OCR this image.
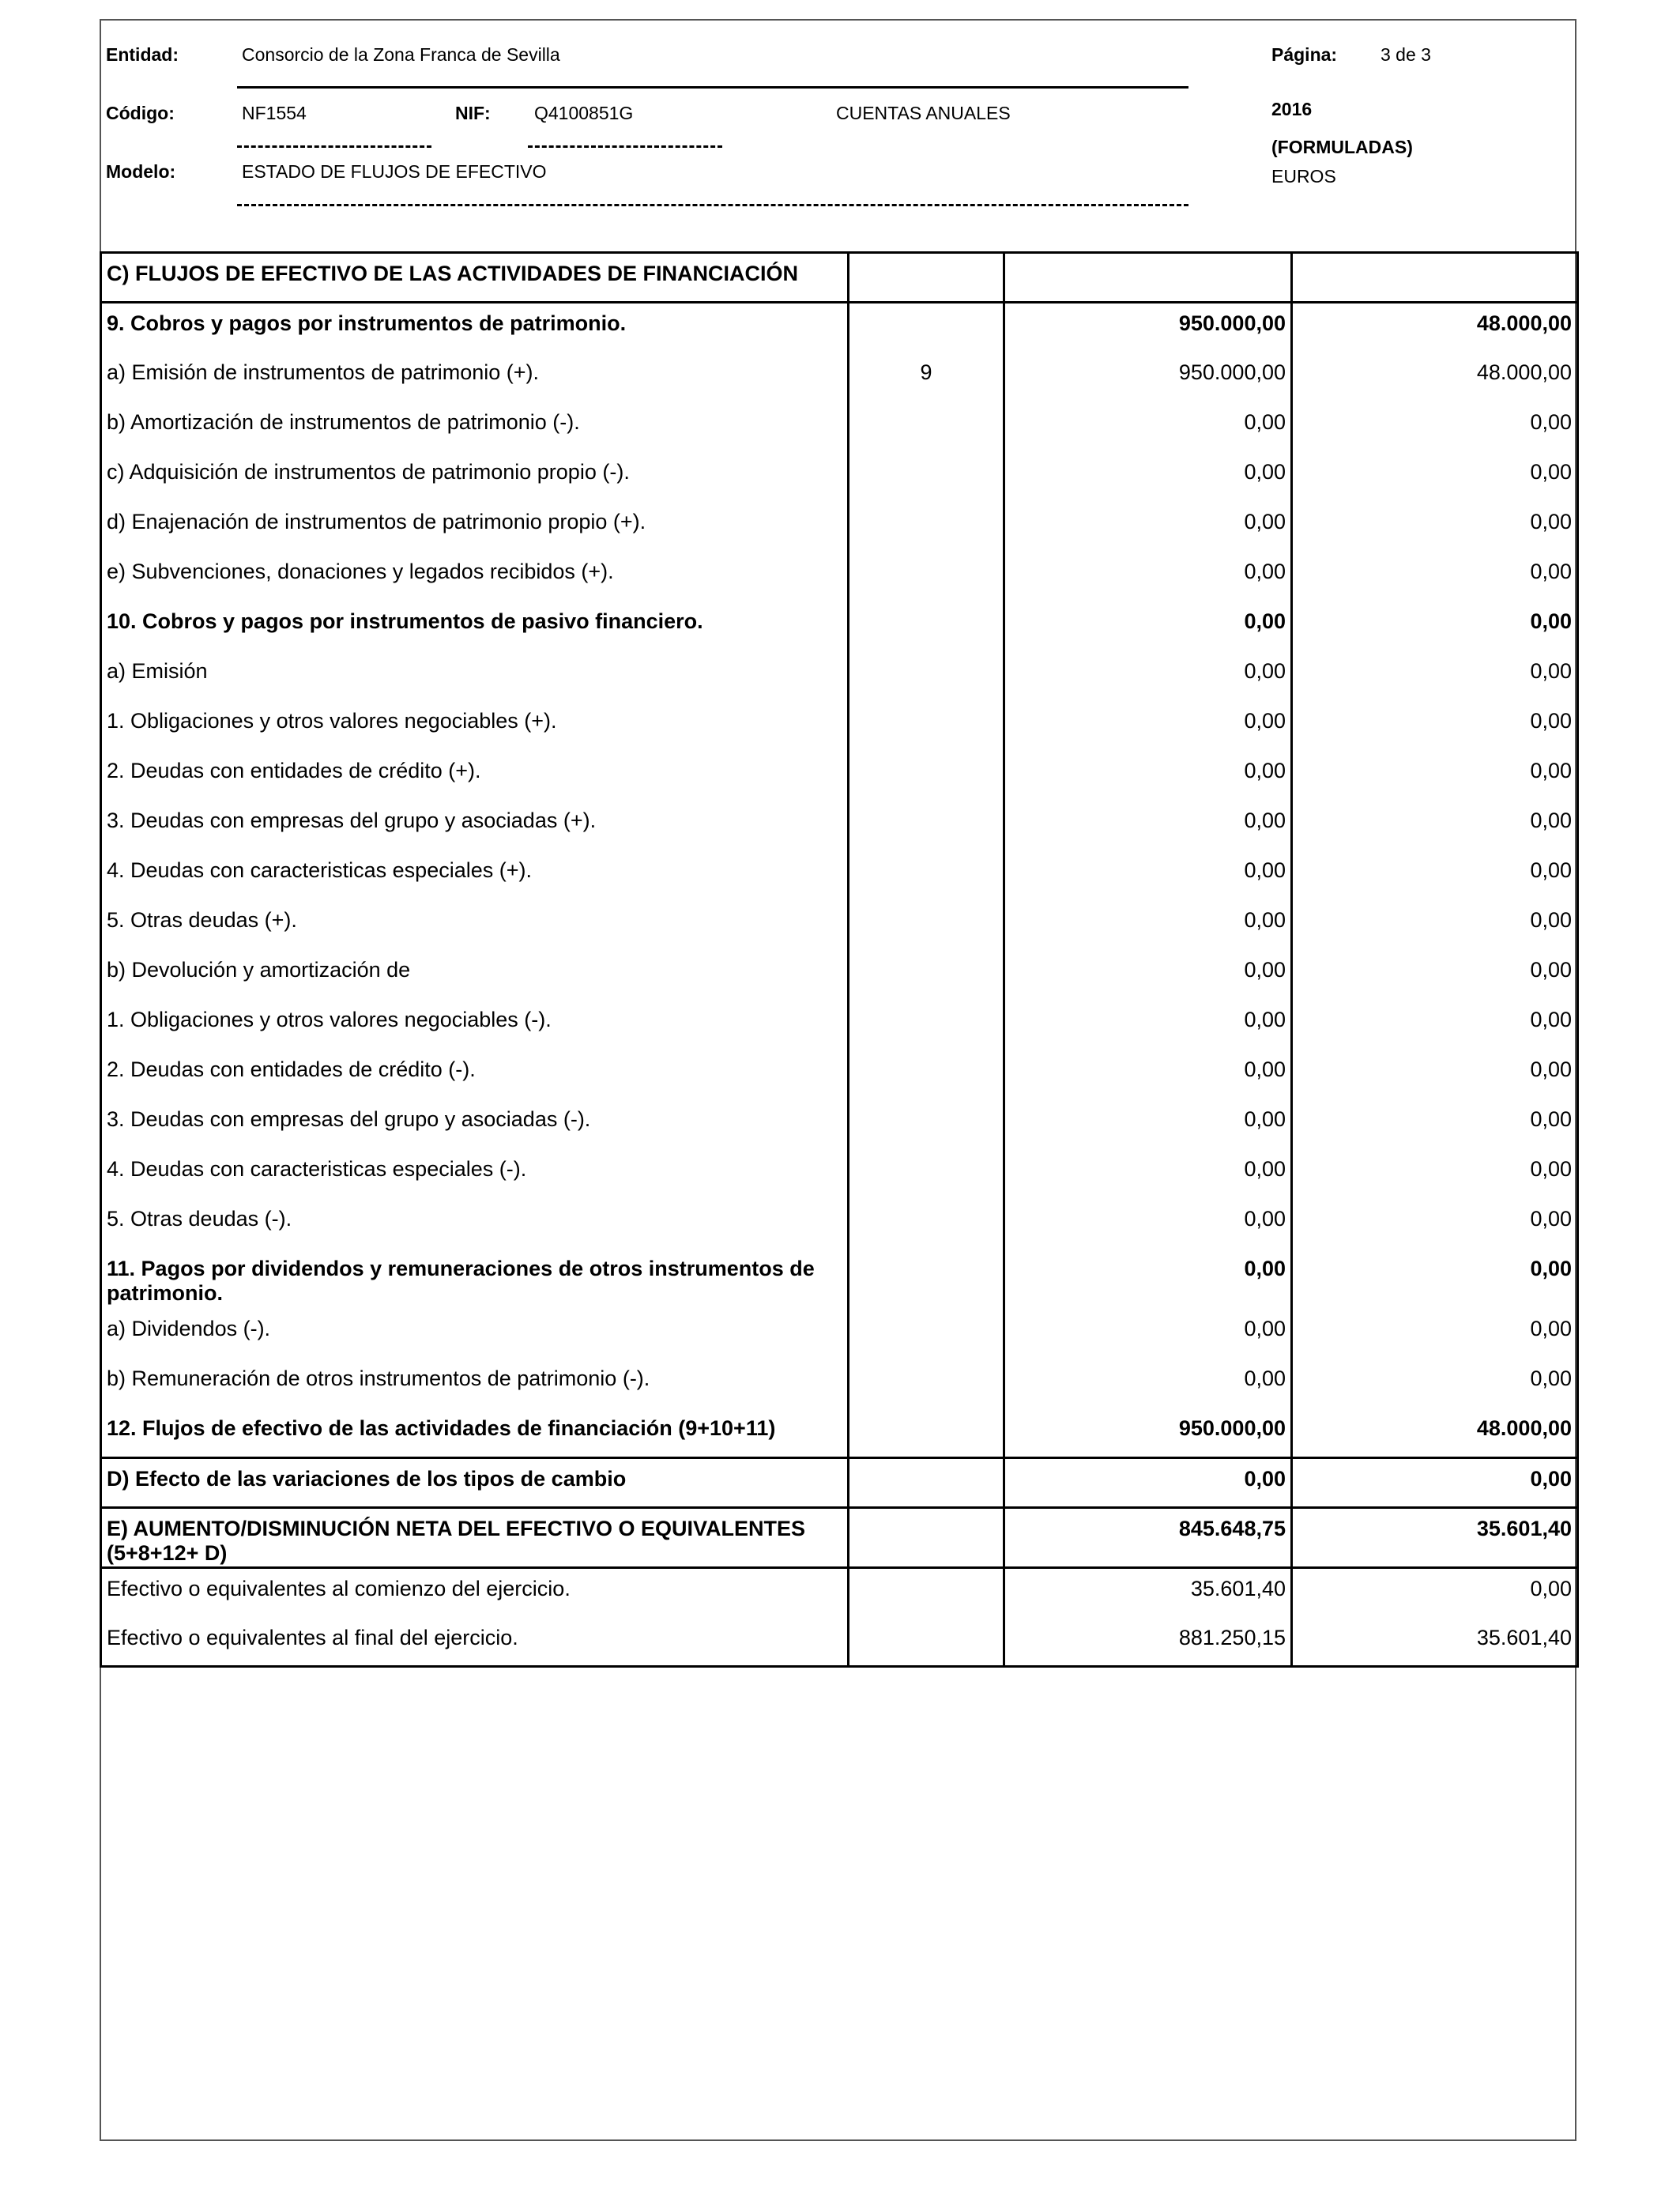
Entidad:	Consorcio de la Zona Franca de Sevilla	Página: 3 de 3
Código:	NF1554	NIF: Q4100851G	CUENTAS ANUALES	2016
(FORMULADAS)
Modelo:	ESTADO DE FLUJOS DE EFECTIVO	EUROS
C) FLUJOS DE EFECTIVO DE LAS ACTIVIDADES DE FINANCIACIÓN			
9. Cobros y pagos por instrumentos de patrimonio.		950.000,00	48.000,00
a) Emisión de instrumentos de patrimonio (+).	9	950.000,00	48.000,00
b) Amortización de instrumentos de patrimonio (-).		0,00	0,00
c) Adquisición de instrumentos de patrimonio propio (-).		0,00	0,00
d) Enajenación de instrumentos de patrimonio propio (+).		0,00	0,00
e) Subvenciones, donaciones y legados recibidos (+).		0,00	0,00
10. Cobros y pagos por instrumentos de pasivo financiero.		0,00	0,00
a) Emisión		0,00	0,00
1. Obligaciones y otros valores negociables (+).		0,00	0,00
2. Deudas con entidades de crédito (+).		0,00	0,00
3. Deudas con empresas del grupo y asociadas (+).		0,00	0,00
4. Deudas con caracteristicas especiales (+).		0,00	0,00
5. Otras deudas (+).		0,00	0,00
b) Devolución y amortización de		0,00	0,00
1. Obligaciones y otros valores negociables (-).		0,00	0,00
2. Deudas con entidades de crédito (-).		0,00	0,00
3. Deudas con empresas del grupo y asociadas (-).		0,00	0,00
4. Deudas con caracteristicas especiales (-).		0,00	0,00
5. Otras deudas (-).		0,00	0,00
11. Pagos por dividendos y remuneraciones de otros instrumentos de patrimonio.		0,00	0,00
a) Dividendos (-).		0,00	0,00
b) Remuneración de otros instrumentos de patrimonio (-).		0,00	0,00
12. Flujos de efectivo de las actividades de financiación (9+10+11)		950.000,00	48.000,00
D) Efecto de las variaciones de los tipos de cambio		0,00	0,00
E) AUMENTO/DISMINUCIÓN NETA DEL EFECTIVO O EQUIVALENTES (5+8+12+ D)		845.648,75	35.601,40
Efectivo o equivalentes al comienzo del ejercicio.		35.601,40	0,00
Efectivo o equivalentes al final del ejercicio.		881.250,15	35.601,40
